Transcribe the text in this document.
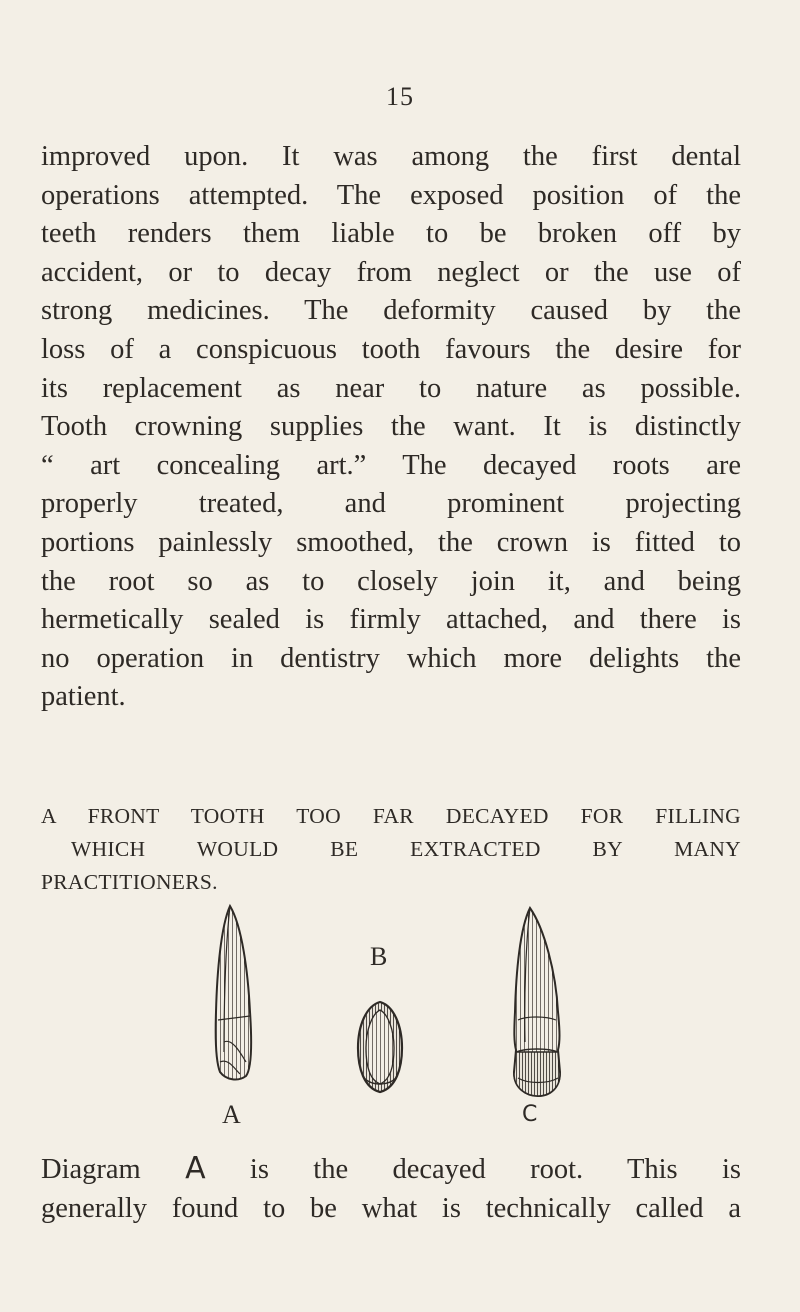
15

improved upon. It was among the first dental
operations attempted. The exposed position of the
teeth renders them liable to be broken off by
accident, or to decay from neglect or the use of
strong medicines. The deformity caused by the
loss of a conspicuous tooth favours the desire for
its replacement as near to nature as possible.
Tooth crowning supplies the want. It is distinctly
“ art concealing art.” The decayed roots are
properly treated, and prominent projecting
portions painlessly smoothed, the crown is fitted to
the root so as to closely join it, and being
hermetically sealed is firmly attached, and there is
no operation in dentistry which more delights the
patient.

A FRONT TOOTH TOO FAR DECAYED FOR FILLING
WHICH WOULD BE EXTRACTED BY MANY
PRACTITIONERS.

A
B
C

Diagram A is the decayed root. This is
generally found to be what is technically called a
